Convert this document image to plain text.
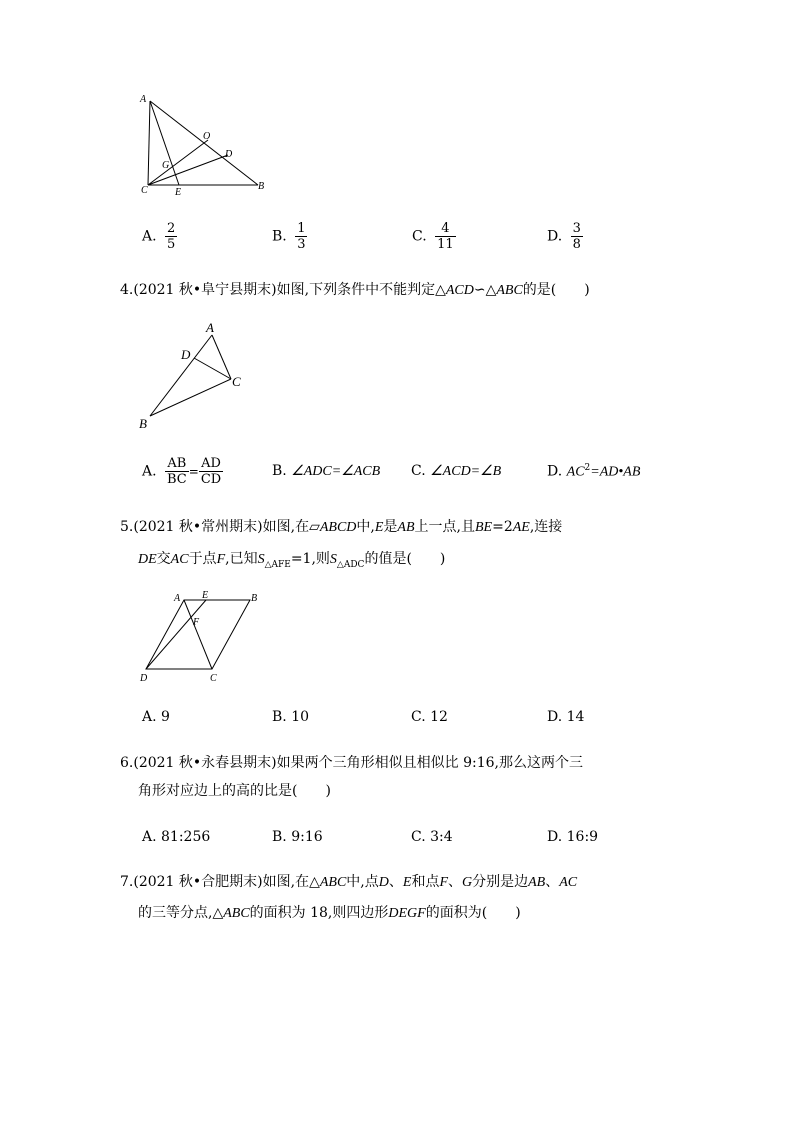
A
O
D
G
C	E
B
A. $\frac{2}{5}$	B. $\frac{1}{3}$	C. $\frac{4}{11}$	D. $\frac{3}{8}$
4.(2021 秋•阜宁县期末)如图,下列条件中不能判定△ACD∽△ABC的是( )
A
D
C
B
A. $\frac{AB}{BC} = \frac{AD}{CD}$	B. ∠ADC=∠ACB C. ∠ACD=∠B	D. $AC^2=AD•AB$
5.(2021 秋•常州期末)如图,在▱ABCD中,E是AB上一点,且BE=2AE,连接
DE交AC于点F,已知$S_{\triangle AFE}=1$,则$S_{\triangle ADC}$的值是( )
A E	B
F
D	C
A. 9	B. 10	C. 12	D. 14
6.(2021 秋•永春县期末)如果两个三角形相似且相似比 9:16,那么这两个三
角形对应边上的高的比是( )
A. 81:256	B. 9:16	C. 3:4	D. 16:9
7.(2021 秋•合肥期末)如图,在△ABC中,点D、E和点F、G分别是边AB、AC
的三等分点,△ABC的面积为 18,则四边形DEGF的面积为( )
